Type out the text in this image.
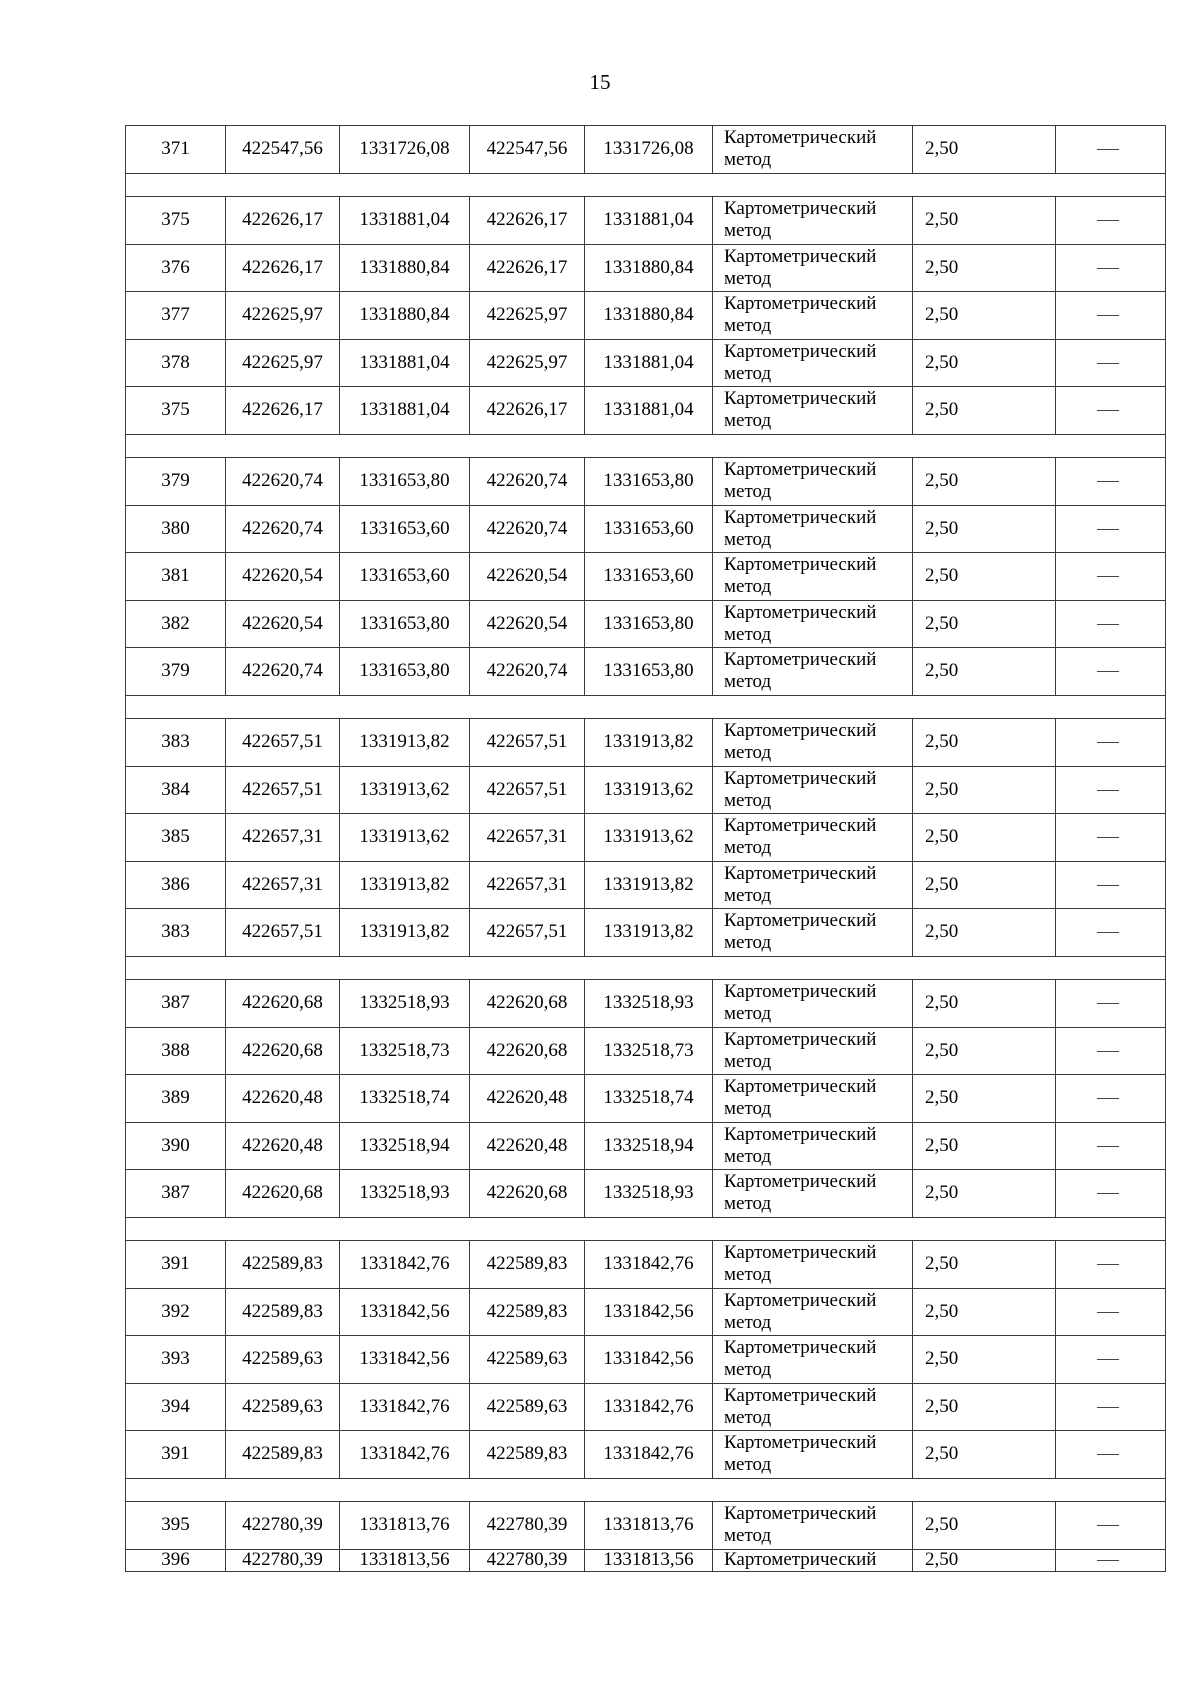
15
371	422547,56	1331726,08	422547,56	1331726,08	Картометрический метод	2,50	

375	422626,17	1331881,04	422626,17	1331881,04	Картометрический метод	2,50	
376	422626,17	1331880,84	422626,17	1331880,84	Картометрический метод	2,50	
377	422625,97	1331880,84	422625,97	1331880,84	Картометрический метод	2,50	
378	422625,97	1331881,04	422625,97	1331881,04	Картометрический метод	2,50	
375	422626,17	1331881,04	422626,17	1331881,04	Картометрический метод	2,50	

379	422620,74	1331653,80	422620,74	1331653,80	Картометрический метод	2,50	
380	422620,74	1331653,60	422620,74	1331653,60	Картометрический метод	2,50	
381	422620,54	1331653,60	422620,54	1331653,60	Картометрический метод	2,50	
382	422620,54	1331653,80	422620,54	1331653,80	Картометрический метод	2,50	
379	422620,74	1331653,80	422620,74	1331653,80	Картометрический метод	2,50	

383	422657,51	1331913,82	422657,51	1331913,82	Картометрический метод	2,50	
384	422657,51	1331913,62	422657,51	1331913,62	Картометрический метод	2,50	
385	422657,31	1331913,62	422657,31	1331913,62	Картометрический метод	2,50	
386	422657,31	1331913,82	422657,31	1331913,82	Картометрический метод	2,50	
383	422657,51	1331913,82	422657,51	1331913,82	Картометрический метод	2,50	

387	422620,68	1332518,93	422620,68	1332518,93	Картометрический метод	2,50	
388	422620,68	1332518,73	422620,68	1332518,73	Картометрический метод	2,50	
389	422620,48	1332518,74	422620,48	1332518,74	Картометрический метод	2,50	
390	422620,48	1332518,94	422620,48	1332518,94	Картометрический метод	2,50	
387	422620,68	1332518,93	422620,68	1332518,93	Картометрический метод	2,50	

391	422589,83	1331842,76	422589,83	1331842,76	Картометрический метод	2,50	
392	422589,83	1331842,56	422589,83	1331842,56	Картометрический метод	2,50	
393	422589,63	1331842,56	422589,63	1331842,56	Картометрический метод	2,50	
394	422589,63	1331842,76	422589,63	1331842,76	Картометрический метод	2,50	
391	422589,83	1331842,76	422589,83	1331842,76	Картометрический метод	2,50	

395	422780,39	1331813,76	422780,39	1331813,76	Картометрический метод	2,50	
396	422780,39	1331813,56	422780,39	1331813,56	Картометрический	2,50	
